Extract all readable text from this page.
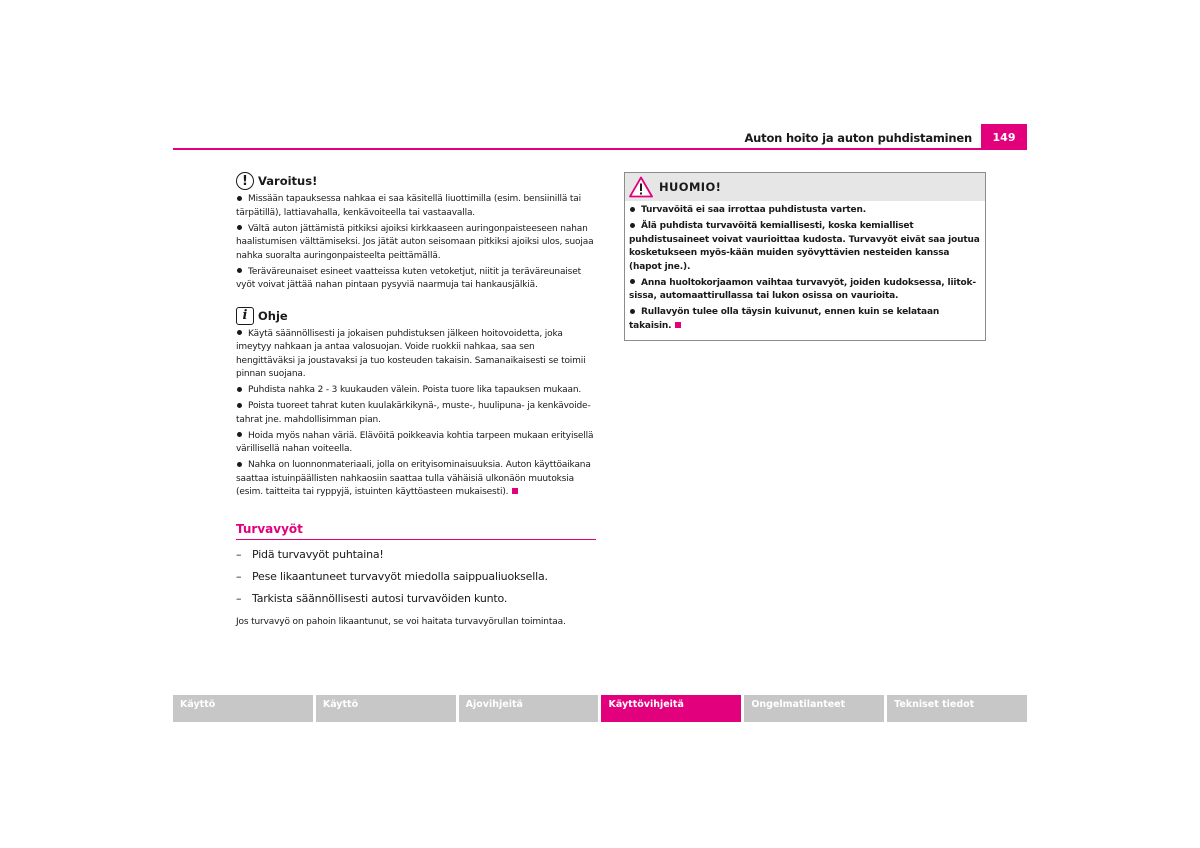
Auton hoito ja auton puhdistaminen	149
! Varoitus!
Missään tapauksessa nahkaa ei saa käsitellä liuottimilla (esim. bensiinillä tai tärpätillä), lattiavahalla, kenkävoiteella tai vastaavalla.
Vältä auton jättämistä pitkiksi ajoiksi kirkkaaseen auringonpaisteeseen nahan haalistumisen välttämiseksi. Jos jätät auton seisomaan pitkiksi ajoiksi ulos, suojaa nahka suoralta auringonpaisteelta peittämällä.
Teräväreunaiset esineet vaatteissa kuten vetoketjut, niitit ja teräväreunaiset vyöt voivat jättää nahan pintaan pysyviä naarmuja tai hankausjälkiä.
i Ohje
Käytä säännöllisesti ja jokaisen puhdistuksen jälkeen hoitovoidetta, joka imeytyy nahkaan ja antaa valosuojan. Voide ruokkii nahkaa, saa sen hengittäväksi ja joustavaksi ja tuo kosteuden takaisin. Samanaikaisesti se toimii pinnan suojana.
Puhdista nahka 2 - 3 kuukauden välein. Poista tuore lika tapauksen mukaan.
Poista tuoreet tahrat kuten kuulakärkikynä-, muste-, huulipuna- ja kenkävoide-tahrat jne. mahdollisimman pian.
Hoida myös nahan väriä. Elävöitä poikkeavia kohtia tarpeen mukaan erityisellä värillisellä nahan voiteella.
Nahka on luonnonmateriaali, jolla on erityisominaisuuksia. Auton käyttöaikana saattaa istuinpäällisten nahkaosiin saattaa tulla vähäisiä ulkonäön muutoksia (esim. taitteita tai ryppyjä, istuinten käyttöasteen mukaisesti).
Turvavyöt
– Pidä turvavyöt puhtaina!
– Pese likaantuneet turvavyöt miedolla saippualiuoksella.
– Tarkista säännöllisesti autosi turvavöiden kunto.
Jos turvavyö on pahoin likaantunut, se voi haitata turvavyörullan toimintaa.
HUOMIO!
Turvavöitä ei saa irrottaa puhdistusta varten.
Älä puhdista turvavöitä kemiallisesti, koska kemialliset puhdistusaineet voivat vaurioittaa kudosta. Turvavyöt eivät saa joutua kosketukseen myös-kään muiden syövyttävien nesteiden kanssa (hapot jne.).
Anna huoltokorjaamon vaihtaa turvavyöt, joiden kudoksessa, liitok-sissa, automaattirullassa tai lukon osissa on vaurioita.
Rullavyön tulee olla täysin kuivunut, ennen kuin se kelataan takaisin.
Käyttö	Käyttö	Ajovihjeitä	Käyttövihjeitä	Ongelmatilanteet	Tekniset tiedot
